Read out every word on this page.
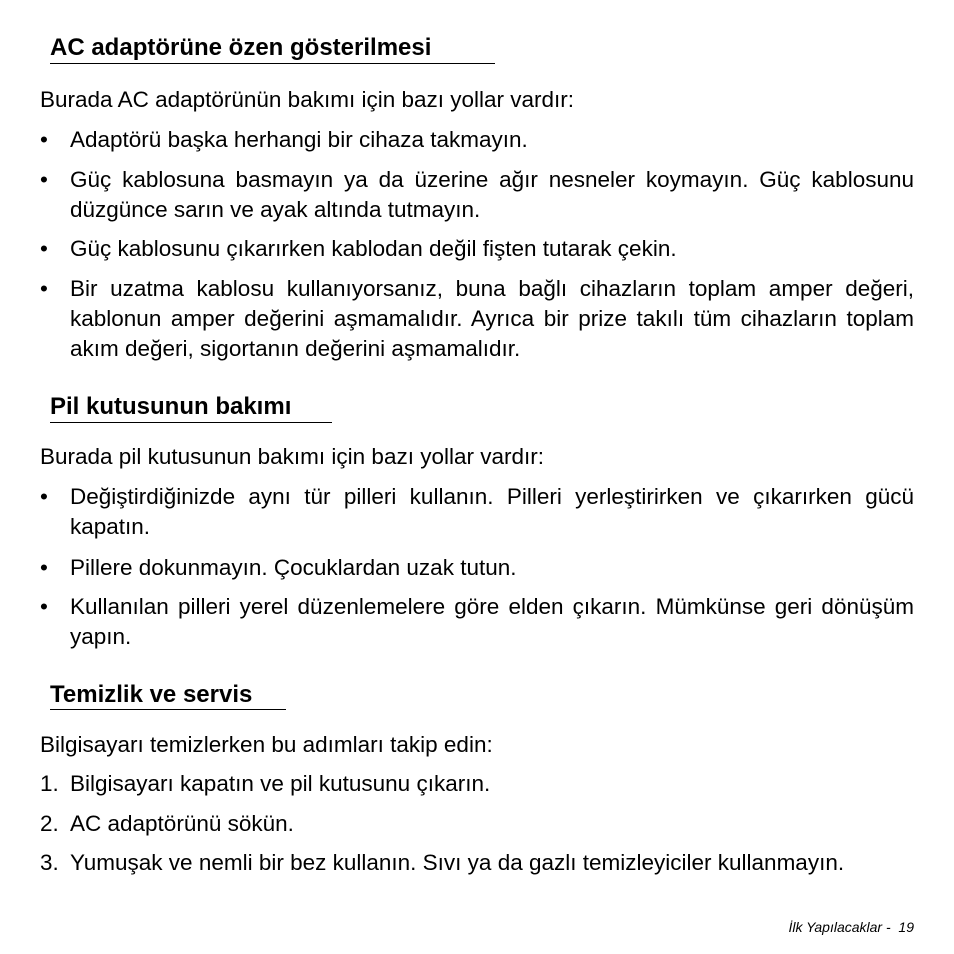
AC adaptörüne özen gösterilmesi
Burada AC adaptörünün bakımı için bazı yollar vardır:
• Adaptörü başka herhangi bir cihaza takmayın.
• Güç kablosuna basmayın ya da üzerine ağır nesneler koymayın. Güç kablosunu düzgünce sarın ve ayak altında tutmayın.
• Güç kablosunu çıkarırken kablodan değil fişten tutarak çekin.
• Bir uzatma kablosu kullanıyorsanız, buna bağlı cihazların toplam amper değeri, kablonun amper değerini aşmamalıdır. Ayrıca bir prize takılı tüm cihazların toplam akım değeri, sigortanın değerini aşmamalıdır.
Pil kutusunun bakımı
Burada pil kutusunun bakımı için bazı yollar vardır:
• Değiştirdiğinizde aynı tür pilleri kullanın. Pilleri yerleştirirken ve çıkarırken gücü kapatın.
• Pillere dokunmayın. Çocuklardan uzak tutun.
• Kullanılan pilleri yerel düzenlemelere göre elden çıkarın. Mümkünse geri dönüşüm yapın.
Temizlik ve servis
Bilgisayarı temizlerken bu adımları takip edin:
1. Bilgisayarı kapatın ve pil kutusunu çıkarın.
2. AC adaptörünü sökün.
3. Yumuşak ve nemli bir bez kullanın. Sıvı ya da gazlı temizleyiciler kullanmayın.
İlk Yapılacaklar - 19
